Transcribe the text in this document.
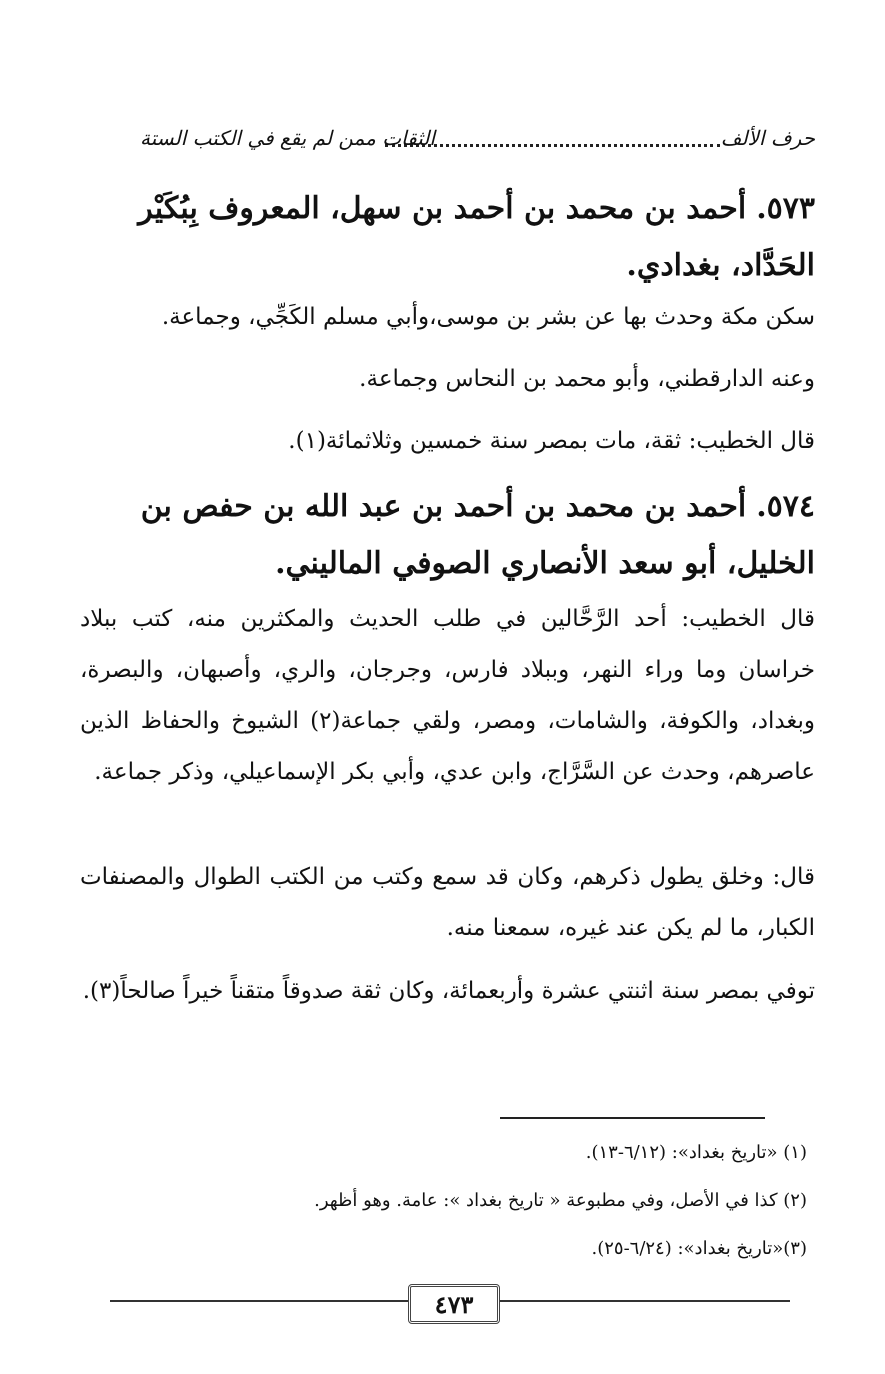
حرف الألف
الثقات ممن لم يقع في الكتب الستة
٥٧٣.أحمد بن محمد بن أحمد بن سهل، المعروف بِبُكَيْر الحَدَّاد، بغدادي.
سكن مكة وحدث بها عن بشر بن موسى،وأبي مسلم الكَجِّي، وجماعة.
وعنه الدارقطني، وأبو محمد بن النحاس وجماعة.
قال الخطيب: ثقة، مات بمصر سنة خمسين وثلاثمائة(١).
٥٧٤.أحمد بن محمد بن أحمد بن عبد الله بن حفص بن الخليل، أبو سعد الأنصاري الصوفي الماليني.
قال الخطيب: أحد الرَّحَّالين في طلب الحديث والمكثرين منه، كتب ببلاد خراسان وما وراء النهر، وببلاد فارس، وجرجان، والري، وأصبهان، والبصرة، وبغداد، والكوفة، والشامات، ومصر، ولقي جماعة(٢) الشيوخ والحفاظ الذين عاصرهم، وحدث عن السَّرَّاج، وابن عدي، وأبي بكر الإسماعيلي، وذكر جماعة.
قال: وخلق يطول ذكرهم، وكان قد سمع وكتب من الكتب الطوال والمصنفات الكبار، ما لم يكن عند غيره، سمعنا منه.
توفي بمصر سنة اثنتي عشرة وأربعمائة، وكان ثقة صدوقاً متقناً خيراً صالحاً(٣).
(١) «تاريخ بغداد»: (٦/١٢-١٣).
(٢) كذا في الأصل، وفي مطبوعة « تاريخ بغداد »: عامة. وهو أظهر.
(٣)«تاريخ بغداد»: (٦/٢٤-٢٥).
٤٧٣
